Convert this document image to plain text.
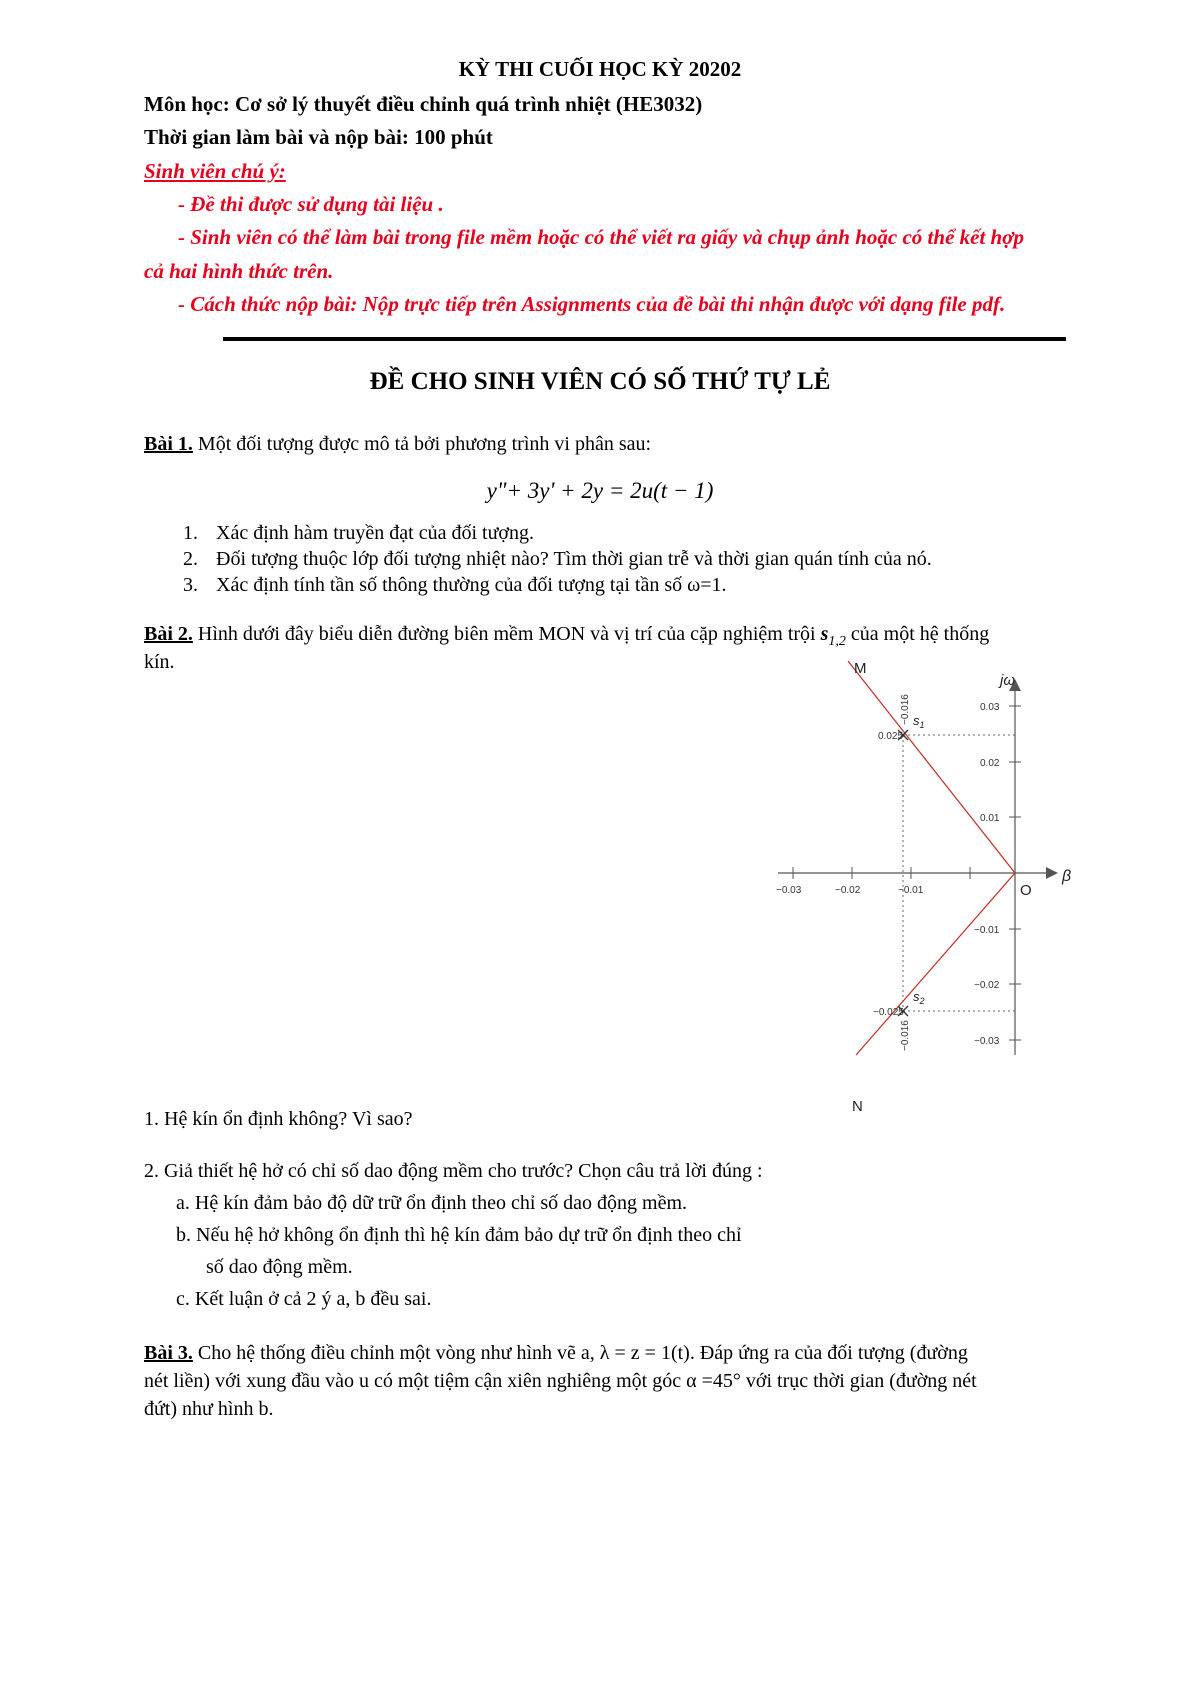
KỲ THI CUỐI HỌC KỲ 20202
Môn học: Cơ sở lý thuyết điều chỉnh quá trình nhiệt (HE3032)
Thời gian làm bài và nộp bài: 100 phút
Sinh viên chú ý:
- Đề thi được sử dụng tài liệu .
- Sinh viên có thể làm bài trong file mềm hoặc có thể viết ra giấy và chụp ảnh hoặc có thể kết hợp
cả hai hình thức trên.
- Cách thức nộp bài: Nộp trực tiếp trên Assignments của đề bài thi nhận được với dạng file pdf.
ĐỀ CHO SINH VIÊN CÓ SỐ THỨ TỰ LẺ
Bài 1. Một đối tượng được mô tả bởi phương trình vi phân sau:
y"+ 3y' + 2y = 2u(t − 1)
1. Xác định hàm truyền đạt của đối tượng.
2. Đối tượng thuộc lớp đối tượng nhiệt nào? Tìm thời gian trễ và thời gian quán tính của nó.
3. Xác định tính tần số thông thường của đối tượng tại tần số ω=1.
Bài 2. Hình dưới đây biểu diễn đường biên mềm MON và vị trí của cặp nghiệm trội $s_{1,2}$ của một hệ thống
kín.
0.03
0.02
0.01
−0.01
−0.02
−0.03
−0.03	−0.02	−0.01
0.025
−0.025
−0.016
−0.016
$s_1$
$s_2$
M
N
O
β
jω
1. Hệ kín ổn định không? Vì sao?
2. Giả thiết hệ hở có chỉ số dao động mềm cho trước? Chọn câu trả lời đúng :
a. Hệ kín đảm bảo độ dữ trữ ổn định theo chỉ số dao động mềm.
b. Nếu hệ hở không ổn định thì hệ kín đảm bảo dự trữ ổn định theo chỉ
số dao động mềm.
c. Kết luận ở cả 2 ý a, b đều sai.
Bài 3. Cho hệ thống điều chỉnh một vòng như hình vẽ a, λ = z = 1(t). Đáp ứng ra của đối tượng (đường
nét liền) với xung đầu vào u có một tiệm cận xiên nghiêng một góc α =45° với trục thời gian (đường nét
đứt) như hình b.
